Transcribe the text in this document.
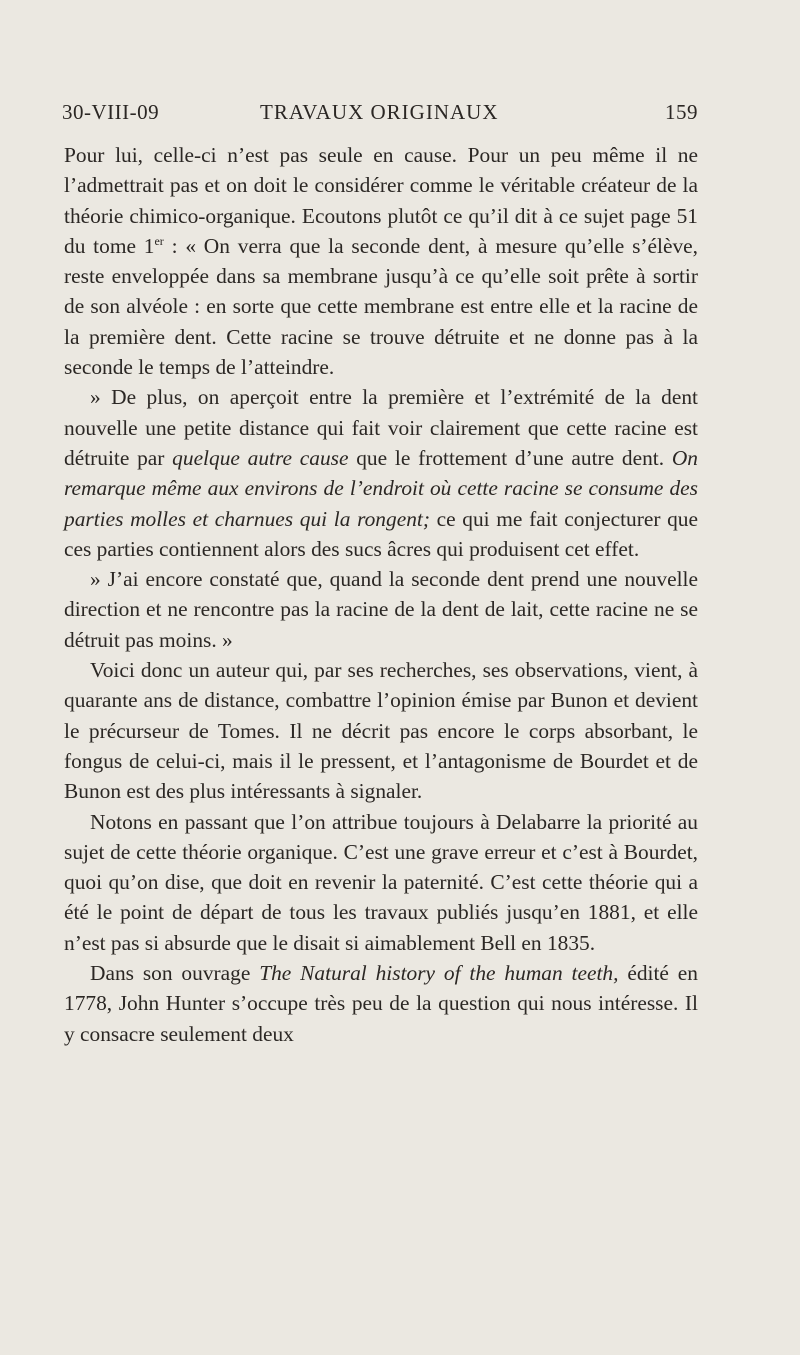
30-VIII-09	TRAVAUX ORIGINAUX	159

Pour lui, celle-ci n’est pas seule en cause. Pour un peu même il ne l’admettrait pas et on doit le considérer comme le véritable créateur de la théorie chimico-organique. Ecoutons plutôt ce qu’il dit à ce sujet page 51 du tome 1er : « On verra que la seconde dent, à mesure qu’elle s’élève, reste enveloppée dans sa membrane jusqu’à ce qu’elle soit prête à sortir de son alvéole : en sorte que cette membrane est entre elle et la racine de la première dent. Cette racine se trouve détruite et ne donne pas à la seconde le temps de l’atteindre.

» De plus, on aperçoit entre la première et l’extrémité de la dent nouvelle une petite distance qui fait voir clairement que cette racine est détruite par quelque autre cause que le frottement d’une autre dent. On remarque même aux environs de l’endroit où cette racine se consume des parties molles et charnues qui la rongent; ce qui me fait conjecturer que ces parties contiennent alors des sucs âcres qui produisent cet effet.

» J’ai encore constaté que, quand la seconde dent prend une nouvelle direction et ne rencontre pas la racine de la dent de lait, cette racine ne se détruit pas moins. »

Voici donc un auteur qui, par ses recherches, ses observations, vient, à quarante ans de distance, combattre l’opinion émise par Bunon et devient le précurseur de Tomes. Il ne décrit pas encore le corps absorbant, le fongus de celui-ci, mais il le pressent, et l’antagonisme de Bourdet et de Bunon est des plus intéressants à signaler.

Notons en passant que l’on attribue toujours à Delabarre la priorité au sujet de cette théorie organique. C’est une grave erreur et c’est à Bourdet, quoi qu’on dise, que doit en revenir la paternité. C’est cette théorie qui a été le point de départ de tous les travaux publiés jusqu’en 1881, et elle n’est pas si absurde que le disait si aimablement Bell en 1835.

Dans son ouvrage The Natural history of the human teeth, édité en 1778, John Hunter s’occupe très peu de la question qui nous intéresse. Il y consacre seulement deux
